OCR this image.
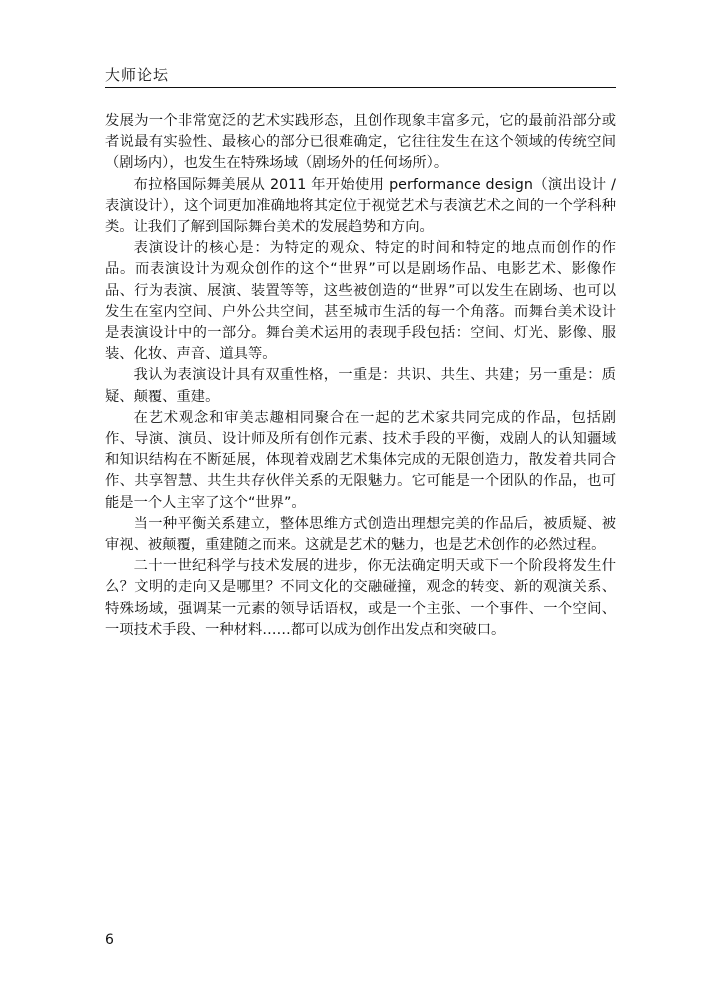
大师论坛

发展为一个非常宽泛的艺术实践形态，且创作现象丰富多元，它的最前沿部分或者说最有实验性、最核心的部分已很难确定，它往往发生在这个领域的传统空间（剧场内），也发生在特殊场域（剧场外的任何场所）。

布拉格国际舞美展从 2011 年开始使用 performance design（演出设计 / 表演设计），这个词更加准确地将其定位于视觉艺术与表演艺术之间的一个学科种类。让我们了解到国际舞台美术的发展趋势和方向。

表演设计的核心是：为特定的观众、特定的时间和特定的地点而创作的作品。而表演设计为观众创作的这个“世界”可以是剧场作品、电影艺术、影像作品、行为表演、展演、装置等等，这些被创造的“世界”可以发生在剧场、也可以发生在室内空间、户外公共空间，甚至城市生活的每一个角落。而舞台美术设计是表演设计中的一部分。舞台美术运用的表现手段包括：空间、灯光、影像、服装、化妆、声音、道具等。

我认为表演设计具有双重性格，一重是：共识、共生、共建；另一重是：质疑、颠覆、重建。

在艺术观念和审美志趣相同聚合在一起的艺术家共同完成的作品，包括剧作、导演、演员、设计师及所有创作元素、技术手段的平衡，戏剧人的认知疆域和知识结构在不断延展，体现着戏剧艺术集体完成的无限创造力，散发着共同合作、共享智慧、共生共存伙伴关系的无限魅力。它可能是一个团队的作品，也可能是一个人主宰了这个“世界”。

当一种平衡关系建立，整体思维方式创造出理想完美的作品后，被质疑、被审视、被颠覆，重建随之而来。这就是艺术的魅力，也是艺术创作的必然过程。

二十一世纪科学与技术发展的进步，你无法确定明天或下一个阶段将发生什么？文明的走向又是哪里？不同文化的交融碰撞，观念的转变、新的观演关系、特殊场域，强调某一元素的领导话语权，或是一个主张、一个事件、一个空间、一项技术手段、一种材料……都可以成为创作出发点和突破口。

6
